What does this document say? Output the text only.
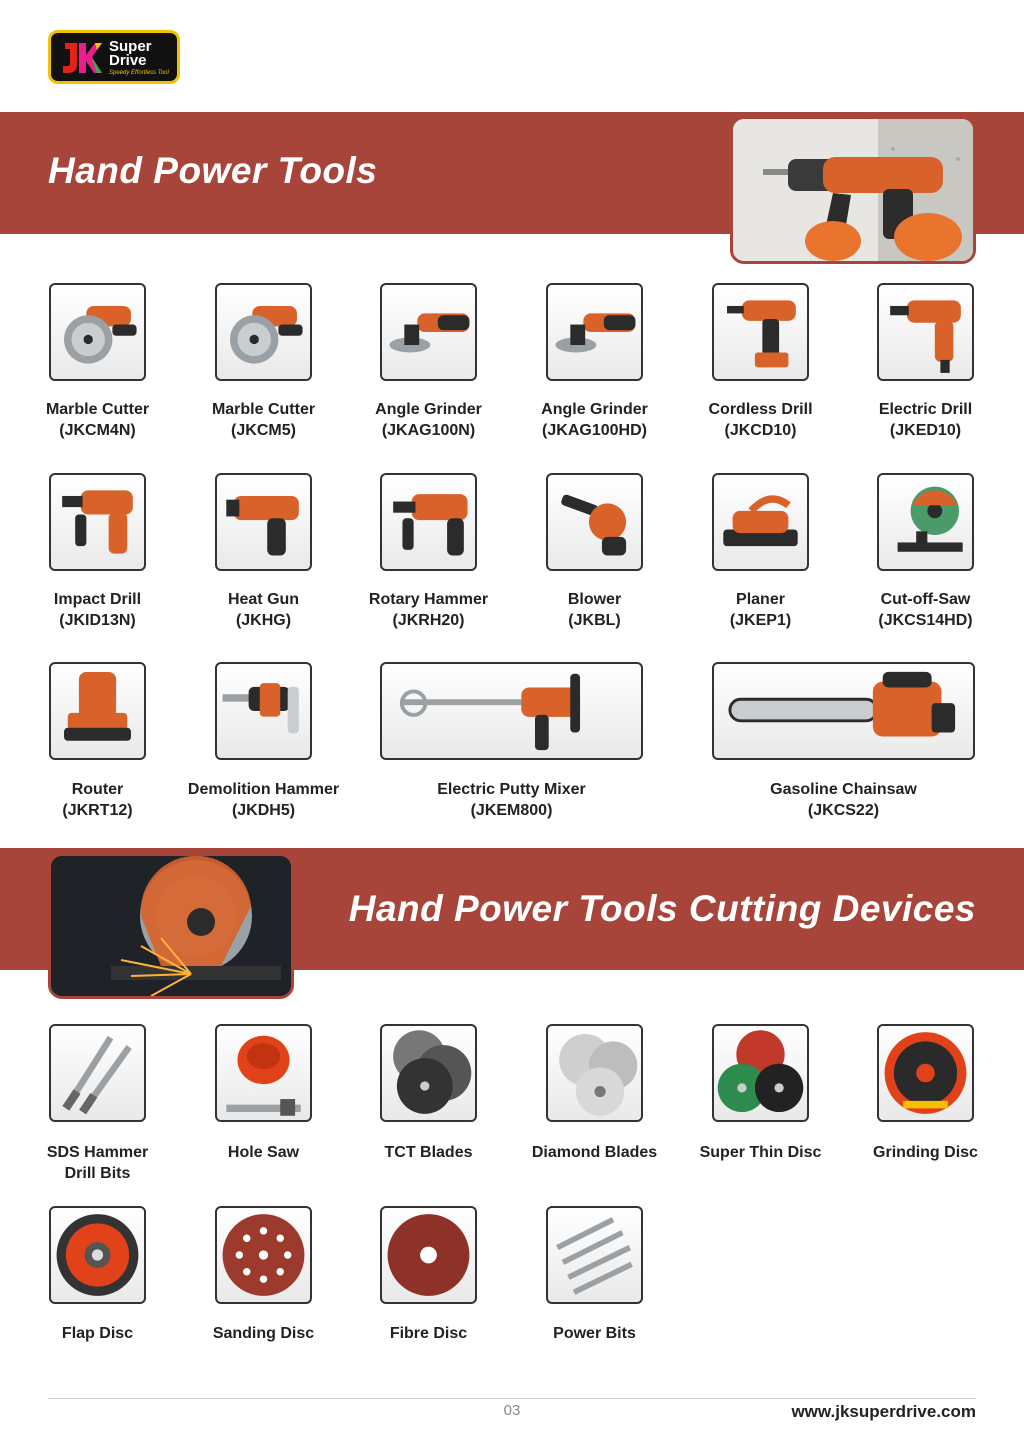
Super
Drive
Speedy Effortless Tool
Hand Power Tools
Marble Cutter
(JKCM4N)
Marble Cutter
(JKCM5)
Angle Grinder
(JKAG100N)
Angle Grinder
(JKAG100HD)
Cordless Drill
(JKCD10)
Electric Drill
(JKED10)
Impact Drill
(JKID13N)
Heat Gun
(JKHG)
Rotary Hammer
(JKRH20)
Blower
(JKBL)
Planer
(JKEP1)
Cut-off-Saw
(JKCS14HD)
Router
(JKRT12)
Demolition Hammer
(JKDH5)
Electric Putty Mixer
(JKEM800)
Gasoline Chainsaw
(JKCS22)
Hand Power Tools Cutting Devices
SDS Hammer
Drill Bits
Hole Saw	TCT Blades	Diamond Blades	Super Thin Disc	Grinding Disc
Flap Disc	Sanding Disc	Fibre Disc	Power Bits
03	www.jksuperdrive.com
